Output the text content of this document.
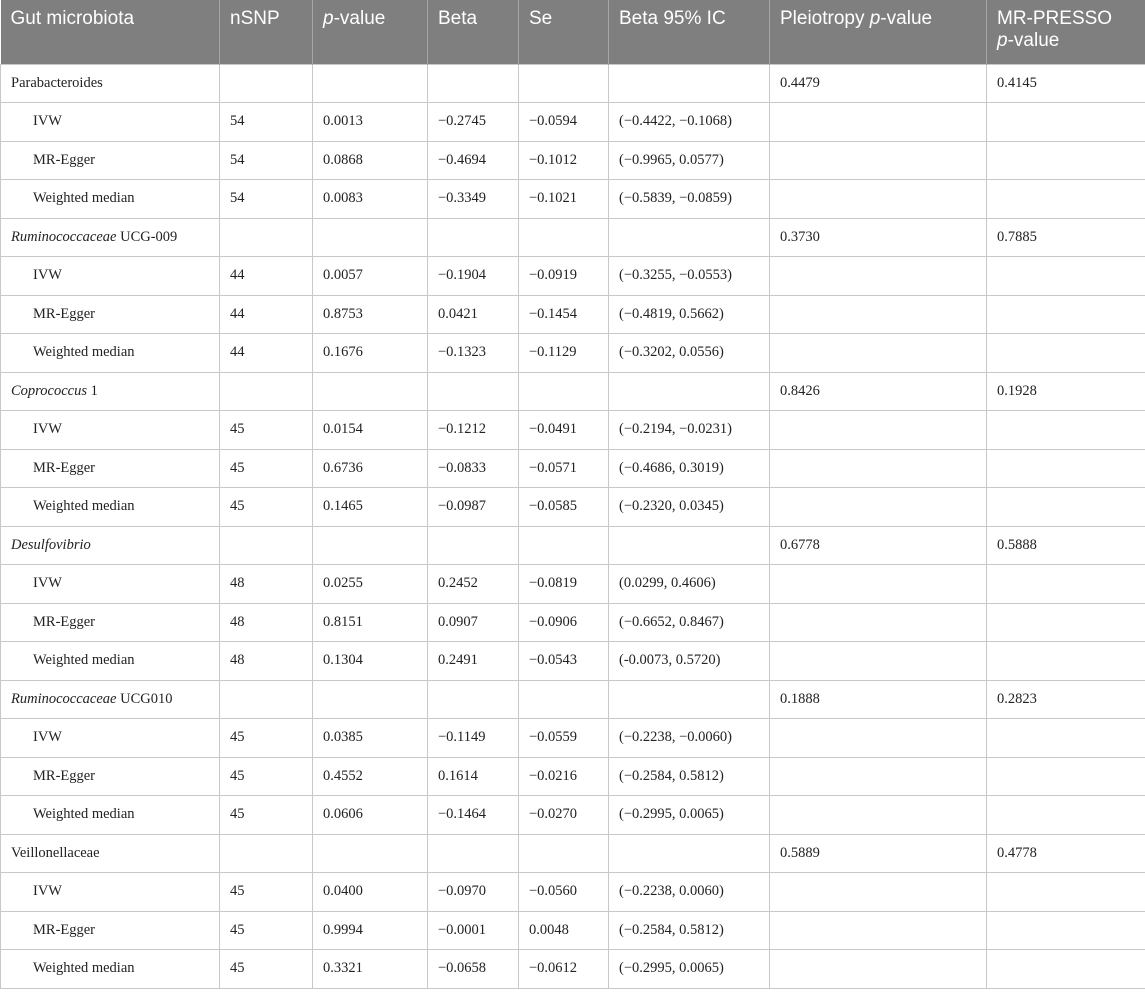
Gut microbiota	nSNP	p-value	Beta	Se	Beta 95% IC	Pleiotropy p-value	MR-PRESSO
p-value
Parabacteroides						0.4479	0.4145
IVW	54	0.0013	−0.2745	−0.0594	(−0.4422, −0.1068)		
MR-Egger	54	0.0868	−0.4694	−0.1012	(−0.9965, 0.0577)		
Weighted median	54	0.0083	−0.3349	−0.1021	(−0.5839, −0.0859)		
Ruminococcaceae UCG-009						0.3730	0.7885
IVW	44	0.0057	−0.1904	−0.0919	(−0.3255, −0.0553)		
MR-Egger	44	0.8753	0.0421	−0.1454	(−0.4819, 0.5662)		
Weighted median	44	0.1676	−0.1323	−0.1129	(−0.3202, 0.0556)		
Coprococcus 1						0.8426	0.1928
IVW	45	0.0154	−0.1212	−0.0491	(−0.2194, −0.0231)		
MR-Egger	45	0.6736	−0.0833	−0.0571	(−0.4686, 0.3019)		
Weighted median	45	0.1465	−0.0987	−0.0585	(−0.2320, 0.0345)		
Desulfovibrio						0.6778	0.5888
IVW	48	0.0255	0.2452	−0.0819	(0.0299, 0.4606)		
MR-Egger	48	0.8151	0.0907	−0.0906	(−0.6652, 0.8467)		
Weighted median	48	0.1304	0.2491	−0.0543	(-0.0073, 0.5720)		
Ruminococcaceae UCG010						0.1888	0.2823
IVW	45	0.0385	−0.1149	−0.0559	(−0.2238, −0.0060)		
MR-Egger	45	0.4552	0.1614	−0.0216	(−0.2584, 0.5812)		
Weighted median	45	0.0606	−0.1464	−0.0270	(−0.2995, 0.0065)		
Veillonellaceae						0.5889	0.4778
IVW	45	0.0400	−0.0970	−0.0560	(−0.2238, 0.0060)		
MR-Egger	45	0.9994	−0.0001	0.0048	(−0.2584, 0.5812)		
Weighted median	45	0.3321	−0.0658	−0.0612	(−0.2995, 0.0065)		
